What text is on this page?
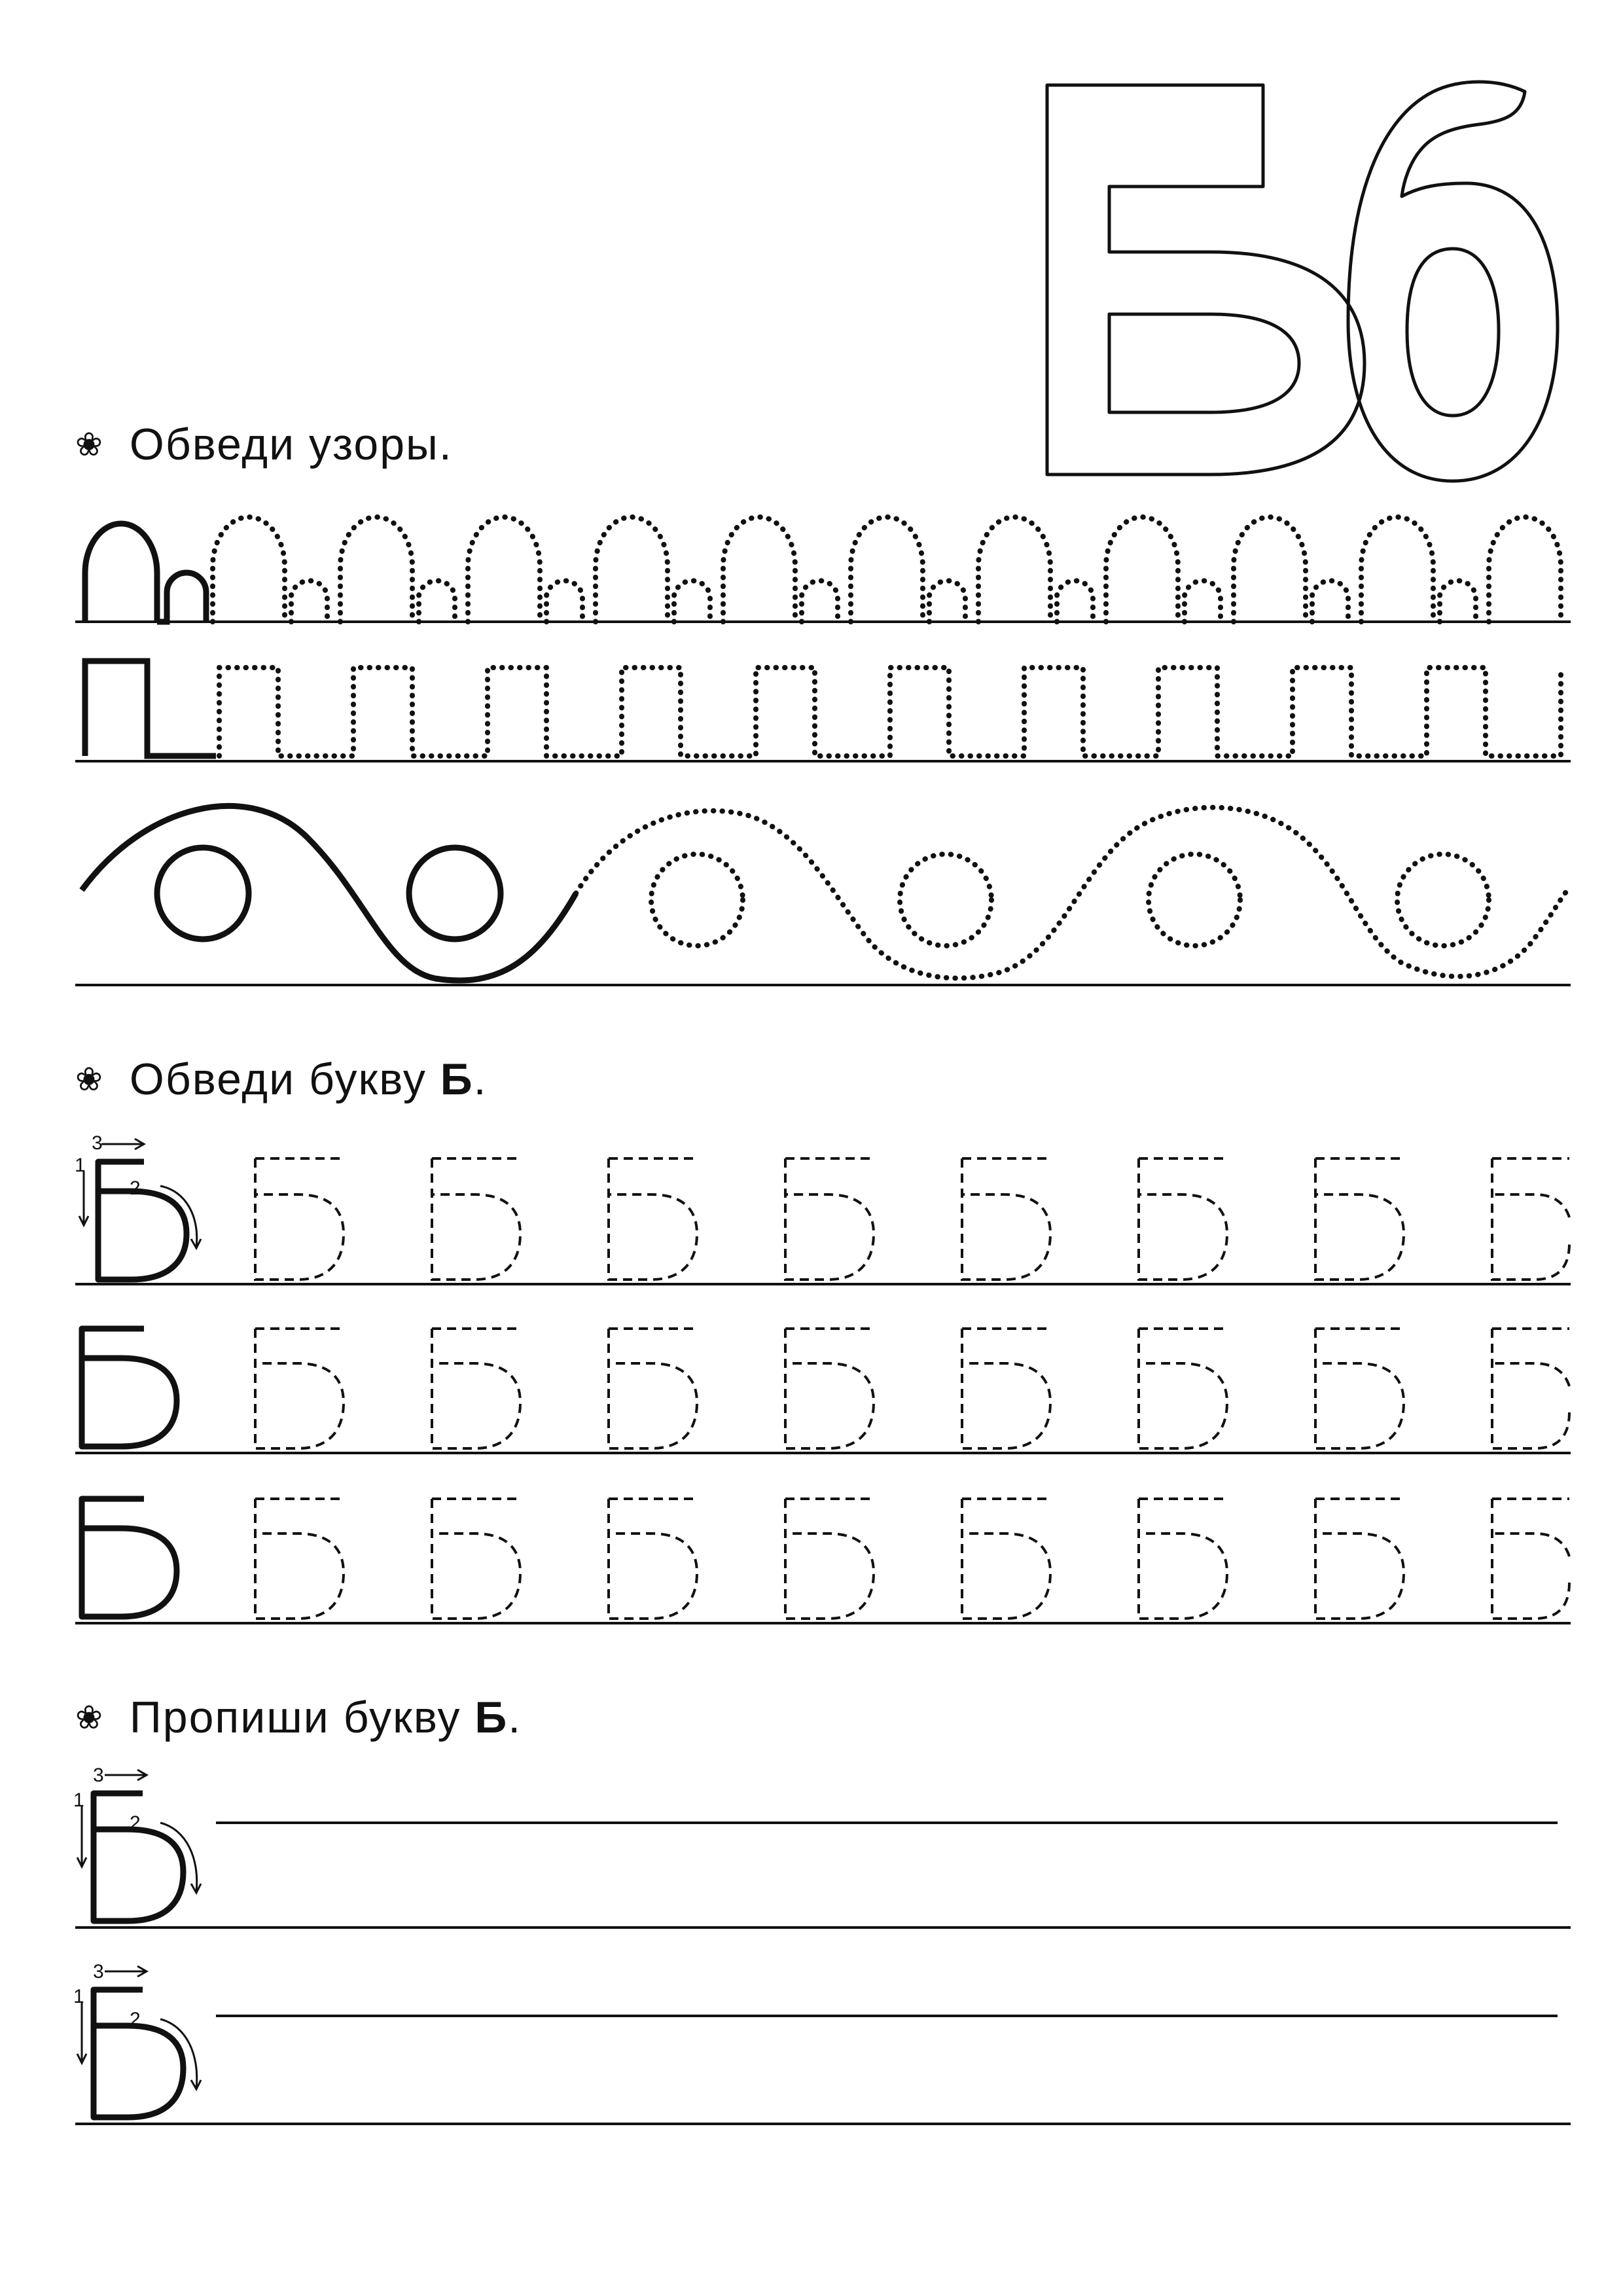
3
1
2
3
1
2
3
1
2
❀ Обведи узоры.
❀ Обведи букву Б.
❀ Пропиши букву Б.
